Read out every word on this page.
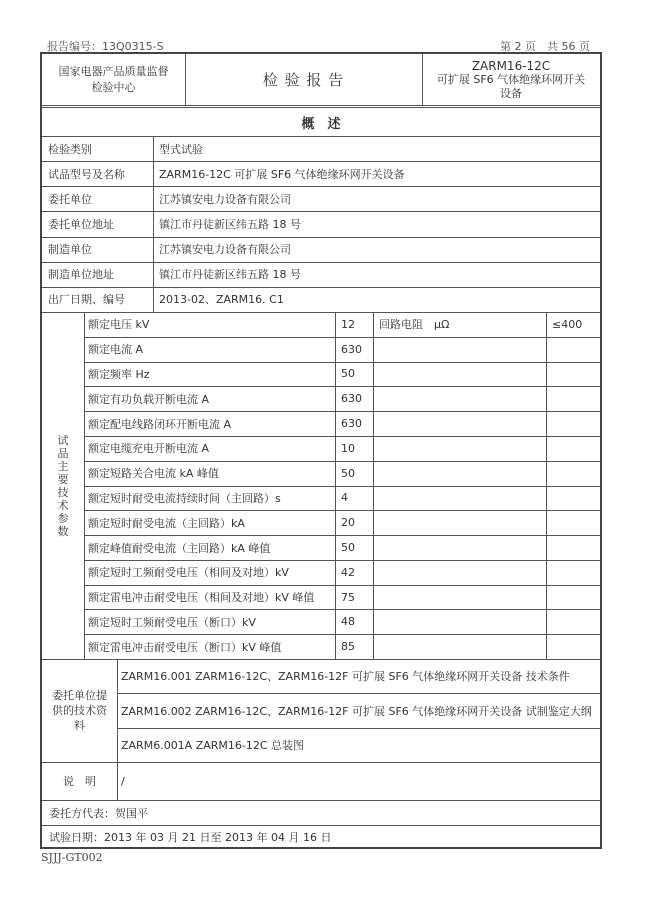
报告编号：13Q0315-S	第 2 页　共 56 页
国家电器产品质量监督
检验中心	检 验 报 告
ZARM16-12C
可扩展 SF6 气体绝缘环网开关
设备
概　述
检验类别	型式试验
试品型号及名称	ZARM16-12C 可扩展 SF6 气体绝缘环网开关设备
委托单位	江苏镇安电力设备有限公司
委托单位地址	镇江市丹徒新区纬五路 18 号
制造单位	江苏镇安电力设备有限公司
制造单位地址	镇江市丹徒新区纬五路 18 号
出厂日期、编号	2013-02、ZARM16. C1
试
品
主
要
技
术
参
数
额定电压 kV	12	回路电阻　μΩ	≤400
额定电流 A	630
额定频率 Hz	50
额定有功负载开断电流 A	630
额定配电线路闭环开断电流 A	630
额定电缆充电开断电流 A	10
额定短路关合电流 kA 峰值	50
额定短时耐受电流持续时间（主回路）s	4
额定短时耐受电流（主回路）kA	20
额定峰值耐受电流（主回路）kA 峰值	50
额定短时工频耐受电压（相间及对地）kV	42
额定雷电冲击耐受电压（相间及对地）kV 峰值	75
额定短时工频耐受电压（断口）kV	48
额定雷电冲击耐受电压（断口）kV 峰值	85
委托单位提
供的技术资
料
ZARM16.001 ZARM16-12C、ZARM16-12F 可扩展 SF6 气体绝缘环网开关设备 技术条件
ZARM16.002 ZARM16-12C、ZARM16-12F 可扩展 SF6 气体绝缘环网开关设备 试制鉴定大纲
ZARM6.001A ZARM16-12C 总装图
说　明	/
委托方代表：贺国平
试验日期：2013 年 03 月 21 日至 2013 年 04 月 16 日
SJJJ-GT002
